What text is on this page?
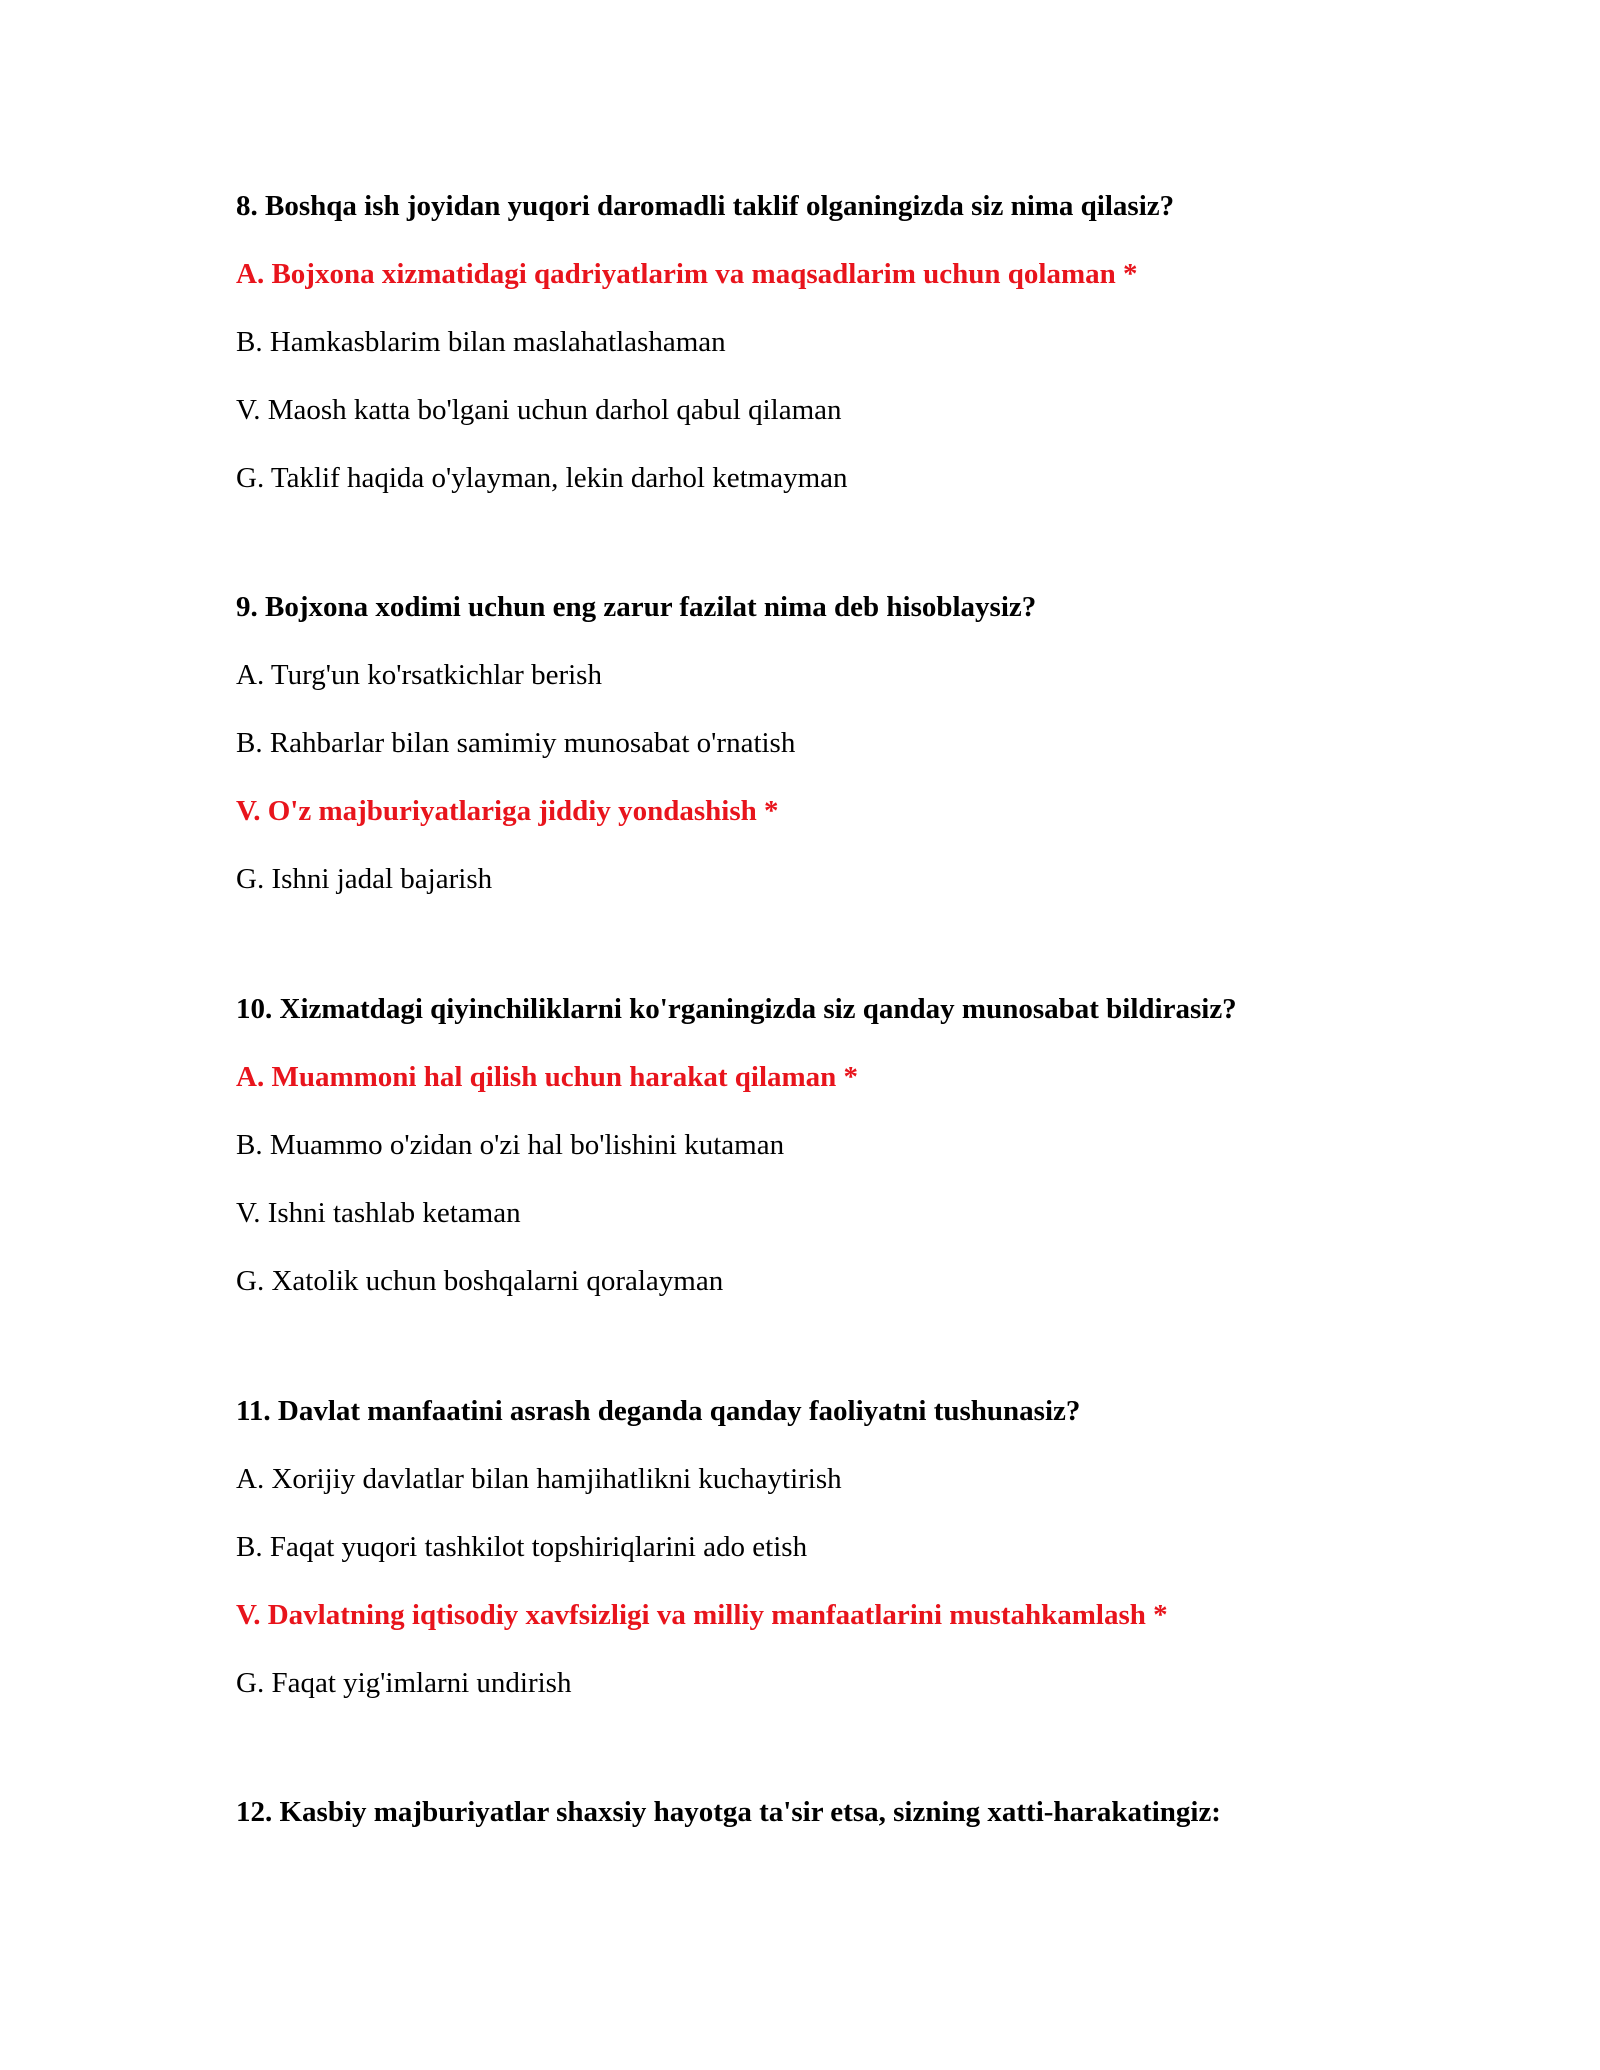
8. Boshqa ish joyidan yuqori daromadli taklif olganingizda siz nima qilasiz?

A. Bojxona xizmatidagi qadriyatlarim va maqsadlarim uchun qolaman *

B. Hamkasblarim bilan maslahatlashaman

V. Maosh katta bo'lgani uchun darhol qabul qilaman

G. Taklif haqida o'ylayman, lekin darhol ketmayman

9. Bojxona xodimi uchun eng zarur fazilat nima deb hisoblaysiz?

A. Turg'un ko'rsatkichlar berish

B. Rahbarlar bilan samimiy munosabat o'rnatish

V. O'z majburiyatlariga jiddiy yondashish *

G. Ishni jadal bajarish

10. Xizmatdagi qiyinchiliklarni ko'rganingizda siz qanday munosabat bildirasiz?

A. Muammoni hal qilish uchun harakat qilaman *

B. Muammo o'zidan o'zi hal bo'lishini kutaman

V. Ishni tashlab ketaman

G. Xatolik uchun boshqalarni qoralayman

11. Davlat manfaatini asrash deganda qanday faoliyatni tushunasiz?

A. Xorijiy davlatlar bilan hamjihatlikni kuchaytirish

B. Faqat yuqori tashkilot topshiriqlarini ado etish

V. Davlatning iqtisodiy xavfsizligi va milliy manfaatlarini mustahkamlash *

G. Faqat yig'imlarni undirish

12. Kasbiy majburiyatlar shaxsiy hayotga ta'sir etsa, sizning xatti-harakatingiz:
